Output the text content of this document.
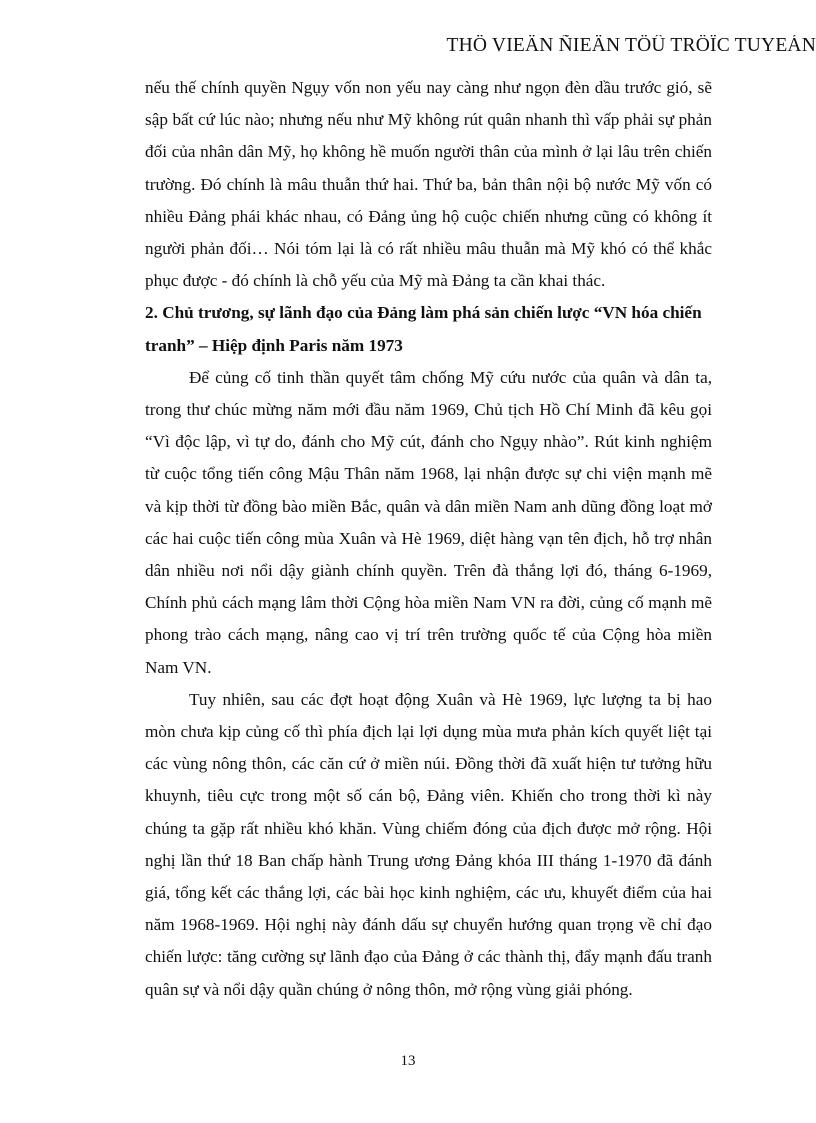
THÖ VIEÄN ÑIEÄN TÖÛ TRÖÏC TUYEÁN

nếu thế chính quyền Ngụy vốn non yếu nay càng như ngọn đèn dầu trước gió, sẽ sập bất cứ lúc nào; nhưng nếu như Mỹ không rút quân nhanh thì vấp phải sự phản đối của nhân dân Mỹ, họ không hề muốn người thân của mình ở lại lâu trên chiến trường. Đó chính là mâu thuẫn thứ hai. Thứ ba, bản thân nội bộ nước Mỹ vốn có nhiều Đảng phái khác nhau, có Đảng ủng hộ cuộc chiến nhưng cũng có không ít người phản đối… Nói tóm lại là có rất nhiều mâu thuẫn mà Mỹ khó có thể khắc phục được - đó chính là chỗ yếu của Mỹ mà Đảng ta cần khai thác.

2. Chủ trương, sự lãnh đạo của Đảng làm phá sản chiến lược “VN hóa chiến tranh” – Hiệp định Paris năm 1973

Để củng cố tinh thần quyết tâm chống Mỹ cứu nước của quân và dân ta, trong thư chúc mừng năm mới đầu năm 1969, Chủ tịch Hồ Chí Minh đã kêu gọi “Vì độc lập, vì tự do, đánh cho Mỹ cút, đánh cho Ngụy nhào”. Rút kinh nghiệm từ cuộc tổng tiến công Mậu Thân năm 1968, lại nhận được sự chi viện mạnh mẽ và kịp thời từ đồng bào miền Bắc, quân và dân miền Nam anh dũng đồng loạt mở các hai cuộc tiến công mùa Xuân và Hè 1969, diệt hàng vạn tên địch, hỗ trợ nhân dân nhiều nơi nổi dậy giành chính quyền. Trên đà thắng lợi đó, tháng 6-1969, Chính phủ cách mạng lâm thời Cộng hòa miền Nam VN ra đời, củng cố mạnh mẽ phong trào cách mạng, nâng cao vị trí trên trường quốc tế của Cộng hòa miền Nam VN.

Tuy nhiên, sau các đợt hoạt động Xuân và Hè 1969, lực lượng ta bị hao mòn chưa kịp củng cố thì phía địch lại lợi dụng mùa mưa phản kích quyết liệt tại các vùng nông thôn, các căn cứ ở miền núi. Đồng thời đã xuất hiện tư tưởng hữu khuynh, tiêu cực trong một số cán bộ, Đảng viên. Khiến cho trong thời kì này chúng ta gặp rất nhiều khó khăn. Vùng chiếm đóng của địch được mở rộng. Hội nghị lần thứ 18 Ban chấp hành Trung ương Đảng khóa III tháng 1-1970 đã đánh giá, tổng kết các thắng lợi, các bài học kinh nghiệm, các ưu, khuyết điểm của hai năm 1968-1969. Hội nghị này đánh dấu sự chuyển hướng quan trọng về chỉ đạo chiến lược: tăng cường sự lãnh đạo của Đảng ở các thành thị, đẩy mạnh đấu tranh quân sự và nổi dậy quần chúng ở nông thôn, mở rộng vùng giải phóng.

13
